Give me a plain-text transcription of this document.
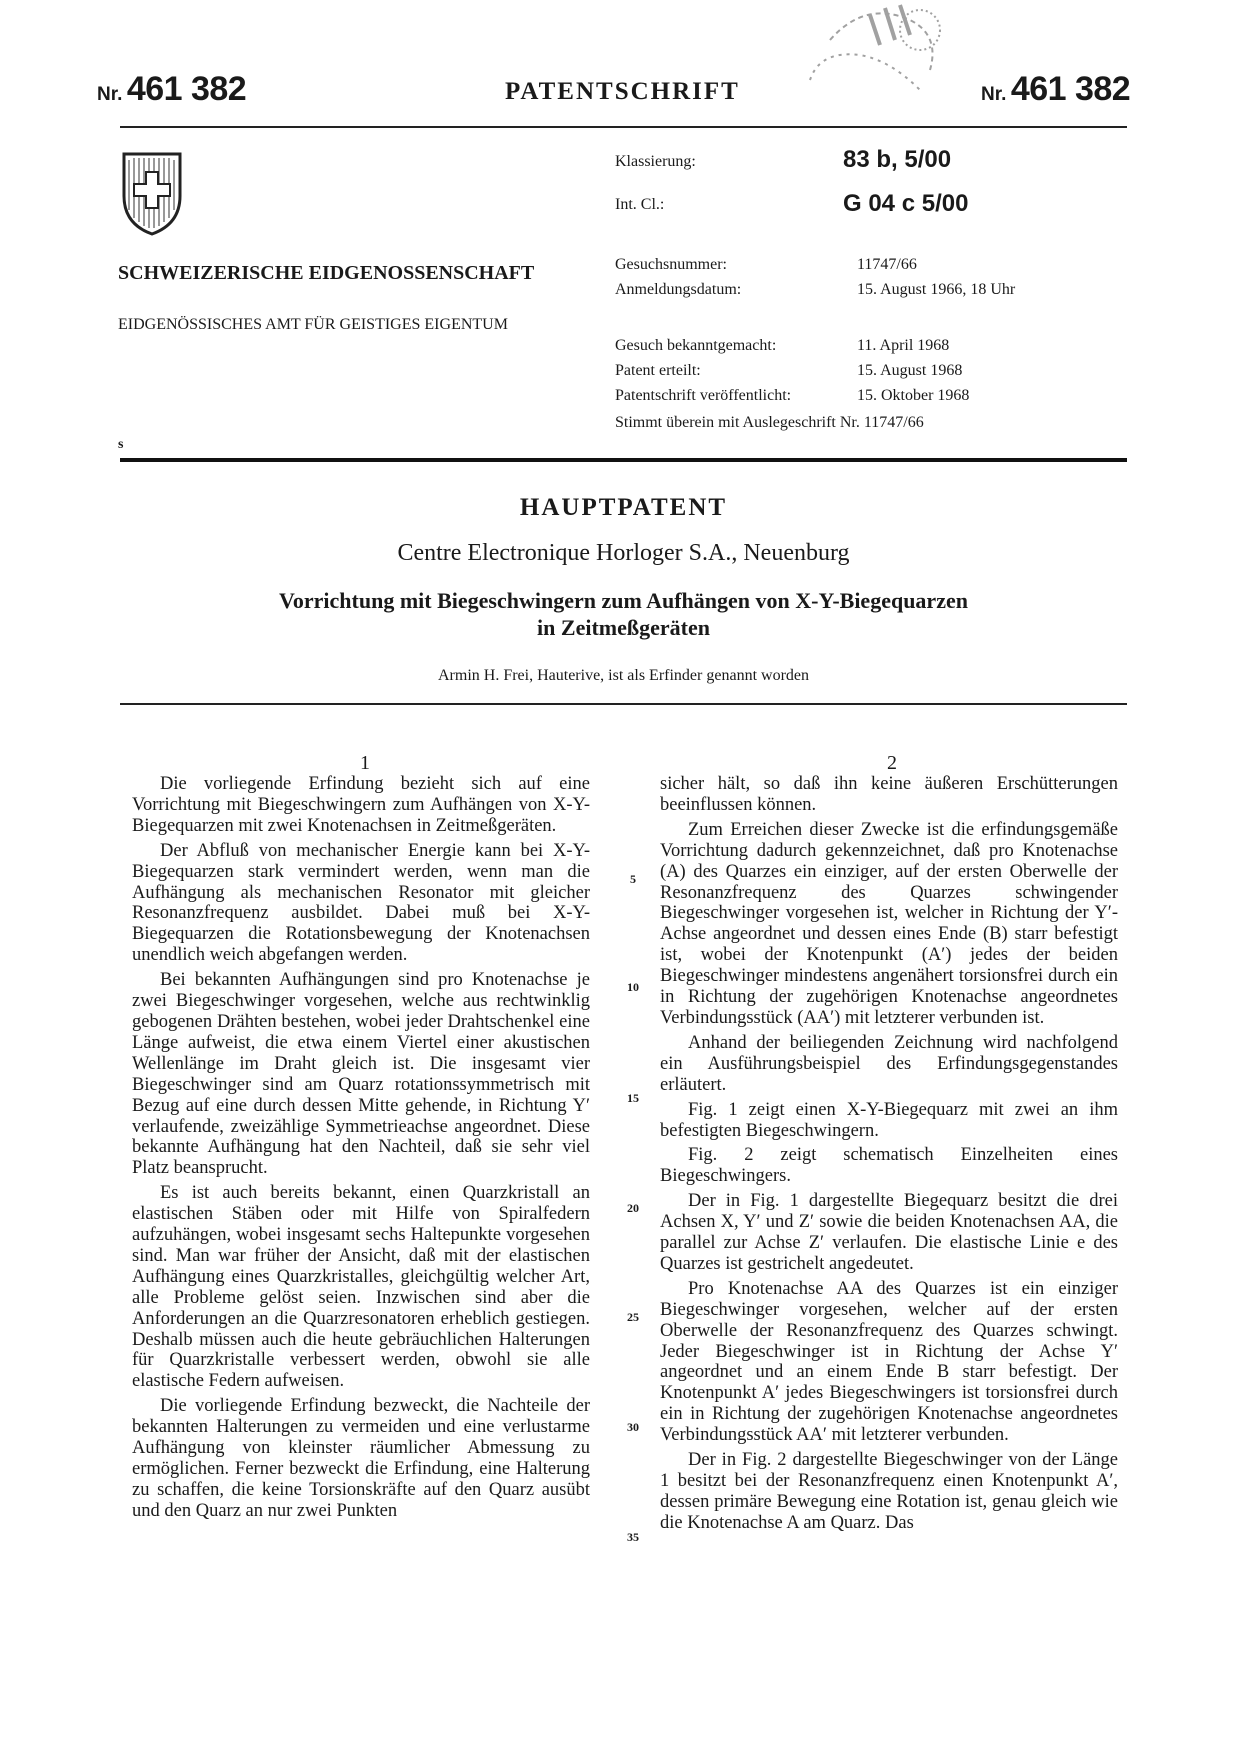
Nr. 461 382	PATENTSCHRIFT	Nr. 461 382
Klassierung:	83 b, 5/00
Int. Cl.:	G 04 c 5/00
SCHWEIZERISCHE EIDGENOSSENSCHAFT
EIDGENÖSSISCHES AMT FÜR GEISTIGES EIGENTUM
Gesuchsnummer:	11747/66
Anmeldungsdatum:	15. August 1966, 18 Uhr
Gesuch bekanntgemacht:	11. April 1968
Patent erteilt:	15. August 1968
Patentschrift veröffentlicht:	15. Oktober 1968
Stimmt überein mit Auslegeschrift Nr. 11747/66
s
HAUPTPATENT
Centre Electronique Horloger S.A., Neuenburg
Vorrichtung mit Biegeschwingern zum Aufhängen von X-Y-Biegequarzen
in Zeitmeßgeräten
Armin H. Frei, Hauterive, ist als Erfinder genannt worden
1	2

Die vorliegende Erfindung bezieht sich auf eine Vorrichtung mit Biegeschwingern zum Aufhängen von X-Y-Biegequarzen mit zwei Knotenachsen in Zeitmeßgeräten.

Der Abfluß von mechanischer Energie kann bei X-Y-Biegequarzen stark vermindert werden, wenn man die Aufhängung als mechanischen Resonator mit gleicher Resonanzfrequenz ausbildet. Dabei muß bei X-Y-Biegequarzen die Rotationsbewegung der Knotenachsen unendlich weich abgefangen werden.

Bei bekannten Aufhängungen sind pro Knotenachse je zwei Biegeschwinger vorgesehen, welche aus rechtwinklig gebogenen Drähten bestehen, wobei jeder Drahtschenkel eine Länge aufweist, die etwa einem Viertel einer akustischen Wellenlänge im Draht gleich ist. Die insgesamt vier Biegeschwinger sind am Quarz rotationssymmetrisch mit Bezug auf eine durch dessen Mitte gehende, in Richtung Y′ verlaufende, zweizählige Symmetrieachse angeordnet. Diese bekannte Aufhängung hat den Nachteil, daß sie sehr viel Platz beansprucht.

Es ist auch bereits bekannt, einen Quarzkristall an elastischen Stäben oder mit Hilfe von Spiralfedern aufzuhängen, wobei insgesamt sechs Haltepunkte vorgesehen sind. Man war früher der Ansicht, daß mit der elastischen Aufhängung eines Quarzkristalles, gleichgültig welcher Art, alle Probleme gelöst seien. Inzwischen sind aber die Anforderungen an die Quarzresonatoren erheblich gestiegen. Deshalb müssen auch die heute gebräuchlichen Halterungen für Quarzkristalle verbessert werden, obwohl sie alle elastische Federn aufweisen.

Die vorliegende Erfindung bezweckt, die Nachteile der bekannten Halterungen zu vermeiden und eine verlustarme Aufhängung von kleinster räumlicher Abmessung zu ermöglichen. Ferner bezweckt die Erfindung, eine Halterung zu schaffen, die keine Torsionskräfte auf den Quarz ausübt und den Quarz an nur zwei Punkten

5
10
15
20
25
30
35

sicher hält, so daß ihn keine äußeren Erschütterungen beeinflussen können.

Zum Erreichen dieser Zwecke ist die erfindungsgemäße Vorrichtung dadurch gekennzeichnet, daß pro Knotenachse (A) des Quarzes ein einziger, auf der ersten Oberwelle der Resonanzfrequenz des Quarzes schwingender Biegeschwinger vorgesehen ist, welcher in Richtung der Y′-Achse angeordnet und dessen eines Ende (B) starr befestigt ist, wobei der Knotenpunkt (A′) jedes der beiden Biegeschwinger mindestens angenähert torsionsfrei durch ein in Richtung der zugehörigen Knotenachse angeordnetes Verbindungsstück (AA′) mit letzterer verbunden ist.

Anhand der beiliegenden Zeichnung wird nachfolgend ein Ausführungsbeispiel des Erfindungsgegenstandes erläutert.

Fig. 1 zeigt einen X-Y-Biegequarz mit zwei an ihm befestigten Biegeschwingern.

Fig. 2 zeigt schematisch Einzelheiten eines Biegeschwingers.

Der in Fig. 1 dargestellte Biegequarz besitzt die drei Achsen X, Y′ und Z′ sowie die beiden Knotenachsen AA, die parallel zur Achse Z′ verlaufen. Die elastische Linie e des Quarzes ist gestrichelt angedeutet.

Pro Knotenachse AA des Quarzes ist ein einziger Biegeschwinger vorgesehen, welcher auf der ersten Oberwelle der Resonanzfrequenz des Quarzes schwingt. Jeder Biegeschwinger ist in Richtung der Achse Y′ angeordnet und an einem Ende B starr befestigt. Der Knotenpunkt A′ jedes Biegeschwingers ist torsionsfrei durch ein in Richtung der zugehörigen Knotenachse angeordnetes Verbindungsstück AA′ mit letzterer verbunden.

Der in Fig. 2 dargestellte Biegeschwinger von der Länge 1 besitzt bei der Resonanzfrequenz einen Knotenpunkt A′, dessen primäre Bewegung eine Rotation ist, genau gleich wie die Knotenachse A am Quarz. Das
